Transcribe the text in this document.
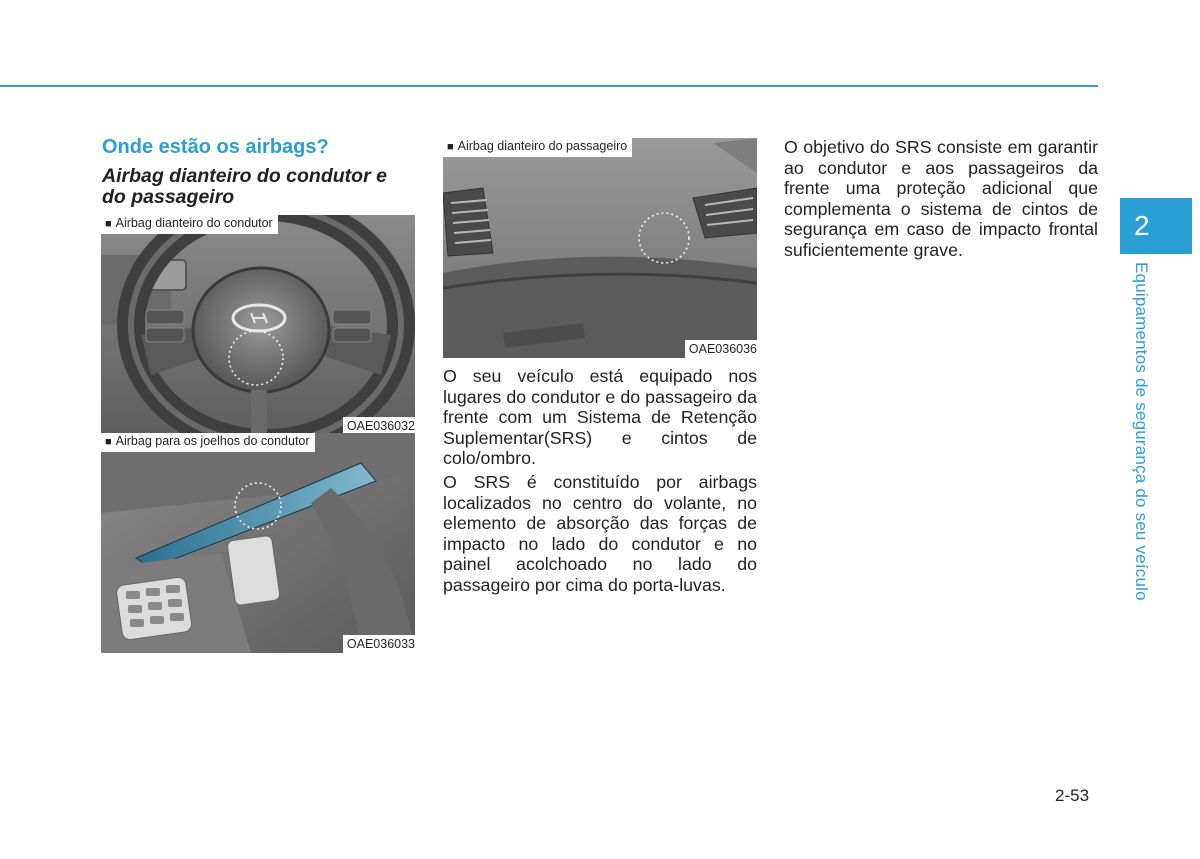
Onde estão os airbags?
Airbag dianteiro do condutor e do passageiro
■ Airbag dianteiro do condutor
OAE036032
■ Airbag para os joelhos do condutor
OAE036033
■ Airbag dianteiro do passageiro
OAE036036

O seu veículo está equipado nos lugares do condutor e do passageiro da frente com um Sistema de Retenção Suplementar(SRS) e cintos de colo/ombro.

O SRS é constituído por airbags localizados no centro do volante, no elemento de absorção das forças de impacto no lado do condutor e no painel acolchoado no lado do passageiro por cima do porta-luvas.

O objetivo do SRS consiste em garantir ao condutor e aos passageiros da frente uma proteção adicional que complementa o sistema de cintos de segurança em caso de impacto frontal suficientemente grave.

2
Equipamentos de segurança do seu veículo
2-53
